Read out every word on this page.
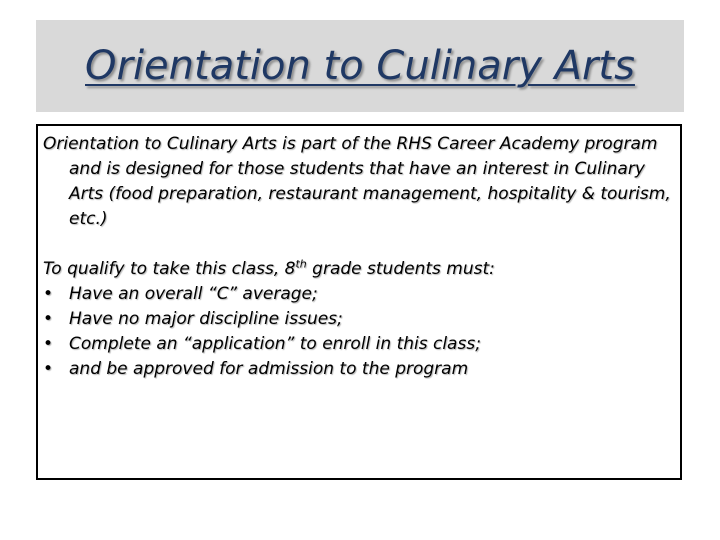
Orientation to Culinary Arts

Orientation to Culinary Arts is part of the RHS Career Academy program and is designed for those students that have an interest in Culinary Arts (food preparation, restaurant management, hospitality & tourism, etc.)

To qualify to take this class, 8th grade students must:

• Have an overall “C” average;
• Have no major discipline issues;
• Complete an “application” to enroll in this class;
• and be approved for admission to the program
